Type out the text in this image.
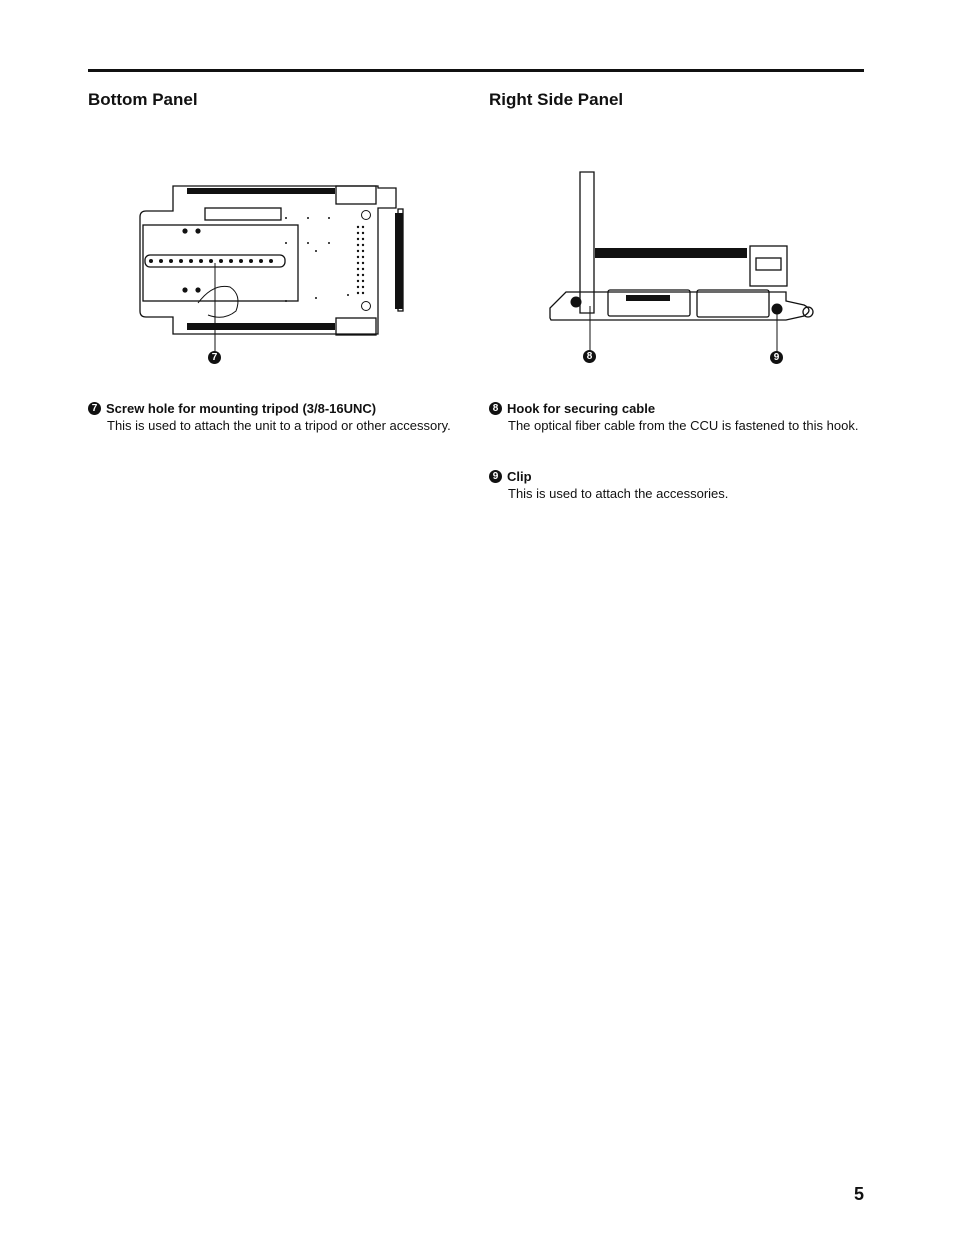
Bottom Panel	Right Side Panel
7	8	9
7 Screw hole for mounting tripod (3/8-16UNC)
This is used to attach the unit to a tripod or other accessory.
8 Hook for securing cable
The optical fiber cable from the CCU is fastened to this hook.
9 Clip
This is used to attach the accessories.
5
